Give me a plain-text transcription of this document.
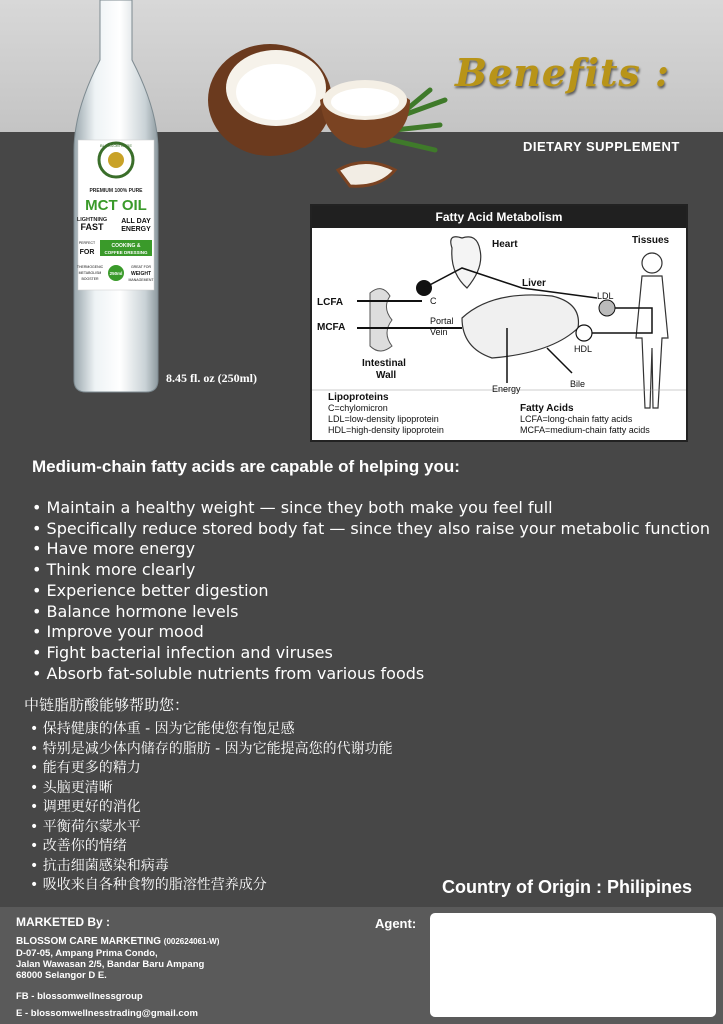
BLOSSOM CARE
PREMIUM 100% PURE
MCT OIL
LIGHTNING
FAST
ALL DAY
ENERGY
PERFECT
FOR
COOKING &
COFFEE DRESSING
THERMOGENIC
METABOLISM
BOOSTER
250ml
GREAT FOR
WEIGHT
MANAGEMENT
Benefits :
DIETARY SUPPLEMENT
8.45 fl. oz (250ml)
Fatty Acid Metabolism
Heart	Tissues
Liver
LCFA
MCFA
C
Portal
Vein
LDL
HDL
Intestinal
Wall
Energy	Bile
Lipoproteins
C=chylomicron
LDL=low-density lipoprotein
HDL=high-density lipoprotein
Fatty Acids
LCFA=long-chain fatty acids
MCFA=medium-chain fatty acids
Medium-chain fatty acids are capable of helping you:
• Maintain a healthy weight — since they both make you feel full
• Specifically reduce stored body fat — since they also raise your metabolic function
• Have more energy
• Think more clearly
• Experience better digestion
• Balance hormone levels
• Improve your mood
• Fight bacterial infection and viruses
• Absorb fat-soluble nutrients from various foods
中链脂肪酸能够帮助您：
• 保持健康的体重 - 因为它能使您有饱足感
• 特别是减少体内储存的脂肪 - 因为它能提高您的代谢功能
• 能有更多的精力
• 头脑更清晰
• 调理更好的消化
• 平衡荷尔蒙水平
• 改善你的情绪
• 抗击细菌感染和病毒
• 吸收来自各种食物的脂溶性营养成分	Country of Origin : Philipines
MARKETED By :
BLOSSOM CARE MARKETING (002624061-W)
D-07-05, Ampang Prima Condo,
Jalan Wawasan 2/5, Bandar Baru Ampang
68000 Selangor D E.
FB - blossomwellnessgroup
E - blossomwellnesstrading@gmail.com
Agent:
